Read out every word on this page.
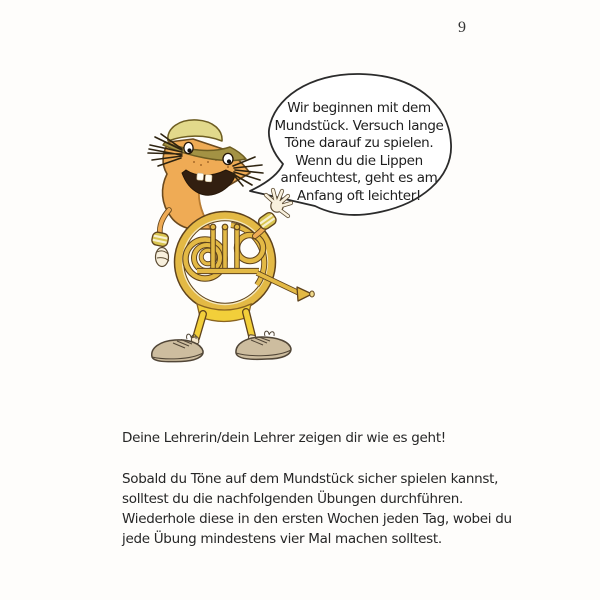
9
Wir beginnen mit dem
Mundstück. Versuch lange
Töne darauf zu spielen.
Wenn du die Lippen
anfeuchtest, geht es am
Anfang oft leichter!
Deine Lehrerin/dein Lehrer zeigen dir wie es geht!
Sobald du Töne auf dem Mundstück sicher spielen kannst,
solltest du die nachfolgenden Übungen durchführen.
Wiederhole diese in den ersten Wochen jeden Tag, wobei du
jede Übung mindestens vier Mal machen solltest.
